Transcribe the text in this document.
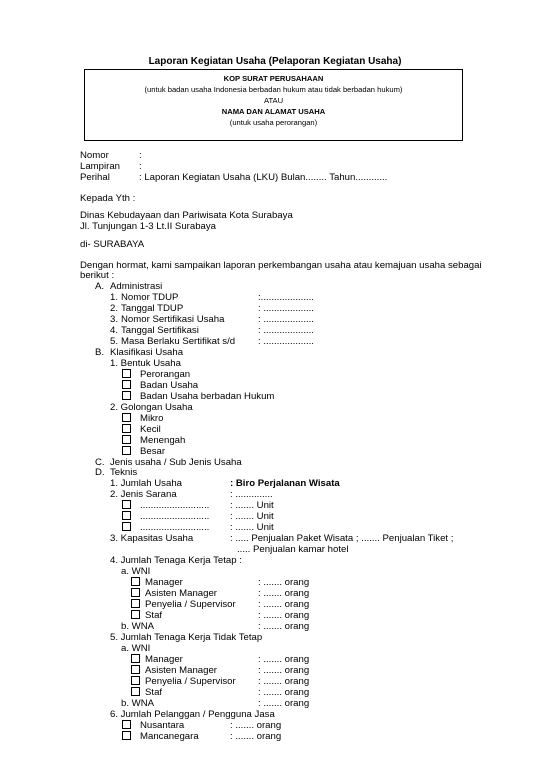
Laporan Kegiatan Usaha (Pelaporan Kegiatan Usaha)
KOP SURAT PERUSAHAAN
(untuk badan usaha Indonesia berbadan hukum atau tidak berbadan hukum)
ATAU
NAMA DAN ALAMAT USAHA
(untuk usaha perorangan)
Nomor	:
Lampiran :
Perihal	: Laporan Kegiatan Usaha (LKU) Bulan........ Tahun............
Kepada Yth :
Dinas Kebudayaan dan Pariwisata Kota Surabaya
Jl. Tunjungan 1-3 Lt.II Surabaya
di- SURABAYA
Dengan hormat, kami sampaikan laporan perkembangan usaha atau kemajuan usaha sebagai
berikut :
A. Administrasi
1. Nomor TDUP	:....................
2. Tanggal TDUP	: ...................
3. Nomor Sertifikasi Usaha	: ...................
4. Tanggal Sertifikasi	: ...................
5. Masa Berlaku Sertifikat s/d : ...................
B. Klasifikasi Usaha
1. Bentuk Usaha
Perorangan
Badan Usaha
Badan Usaha berbadan Hukum
2. Golongan Usaha
Mikro
Kecil
Menengah
Besar
C. Jenis usaha / Sub Jenis Usaha
D. Teknis
1. Jumlah Usaha	: Biro Perjalanan Wisata
2. Jenis Sarana	: ..............
.......................... : ....... Unit
.......................... : ....... Unit
.......................... : ....... Unit
3. Kapasitas Usaha	: ..... Penjualan Paket Wisata ; ....... Penjualan Tiket ;
..... Penjualan kamar hotel
4. Jumlah Tenaga Kerja Tetap :
a. WNI
Manager	: ....... orang
Asisten Manager	: ....... orang
Penyelia / Supervisor : ....... orang
Staf	: ....... orang
b. WNA	: ....... orang
5. Jumlah Tenaga Kerja Tidak Tetap
a. WNI
Manager	: ....... orang
Asisten Manager	: ....... orang
Penyelia / Supervisor : ....... orang
Staf	: ....... orang
b. WNA	: ....... orang
6. Jumlah Pelanggan / Pengguna Jasa
Nusantara	: ....... orang
Mancanegara	: ....... orang
